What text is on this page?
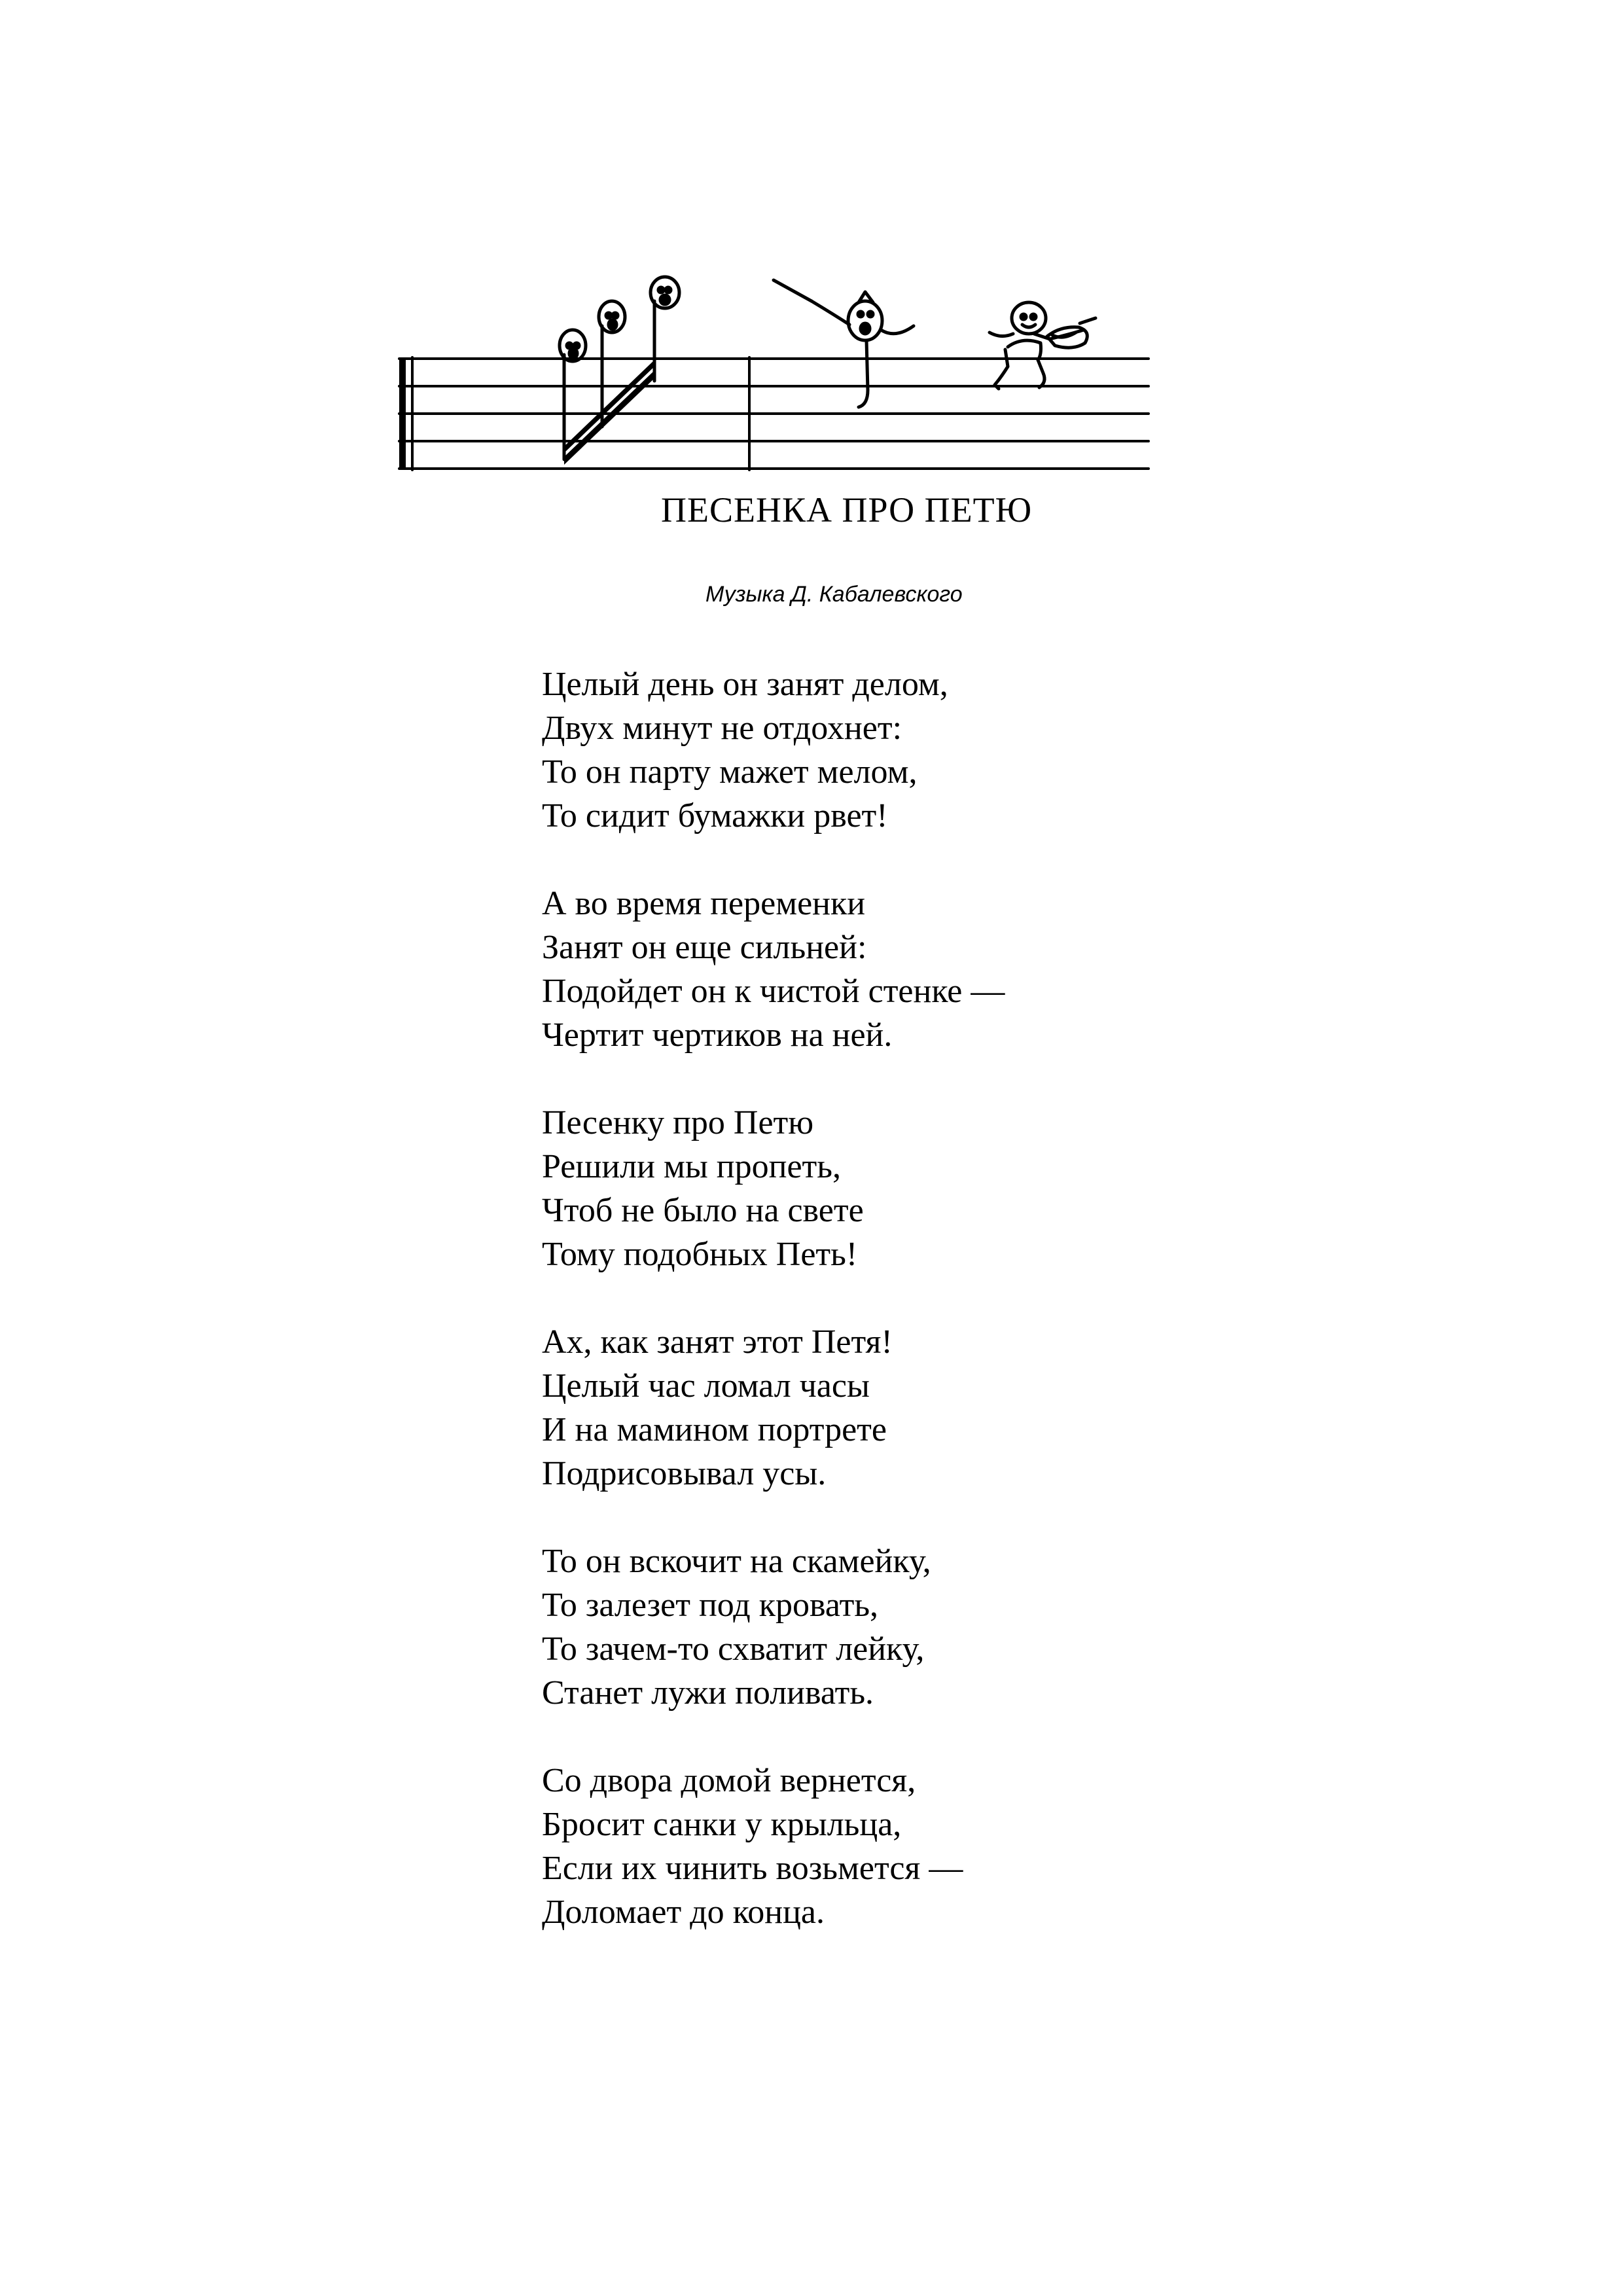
ПЕСЕНКА ПРО ПЕТЮ
Музыка Д. Кабалевского
Целый день он занят делом,
Двух минут не отдохнет:
То он парту мажет мелом,
То сидит бумажки рвет!
А во время переменки
Занят он еще сильней:
Подойдет он к чистой стенке —
Чертит чертиков на ней.
Песенку про Петю
Решили мы пропеть,
Чтоб не было на свете
Тому подобных Петь!
Ах, как занят этот Петя!
Целый час ломал часы
И на мамином портрете
Подрисовывал усы.
То он вскочит на скамейку,
То залезет под кровать,
То зачем-то схватит лейку,
Станет лужи поливать.
Со двора домой вернется,
Бросит санки у крыльца,
Если их чинить возьмется —
Доломает до конца.
